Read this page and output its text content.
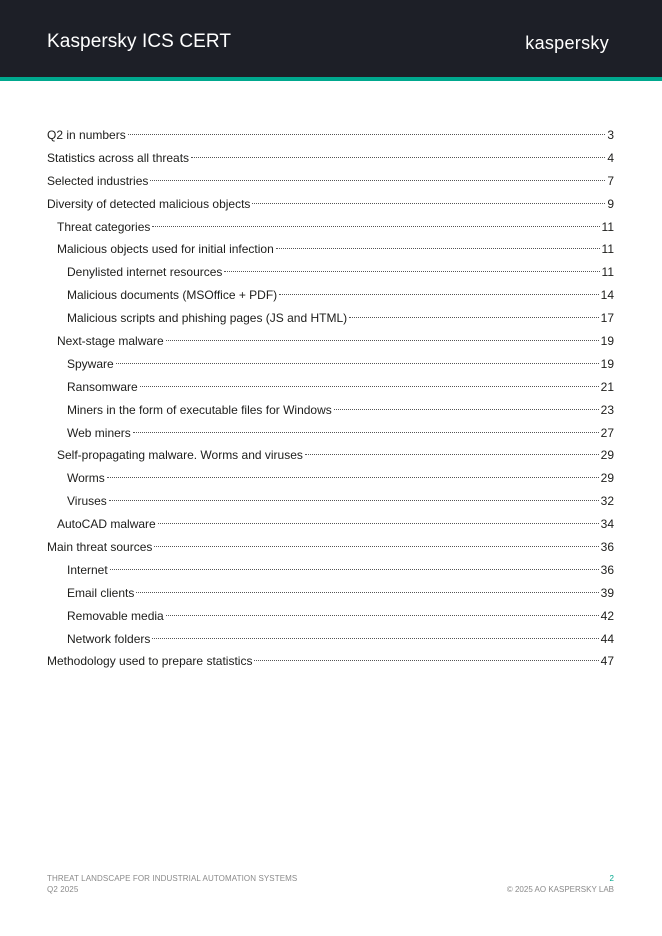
Kaspersky ICS CERT	kaspersky
Q2 in numbers	3
Statistics across all threats	4
Selected industries	7
Diversity of detected malicious objects	9
Threat categories	11
Malicious objects used for initial infection	11
Denylisted internet resources	11
Malicious documents (MSOffice + PDF)	14
Malicious scripts and phishing pages (JS and HTML)	17
Next-stage malware	19
Spyware	19
Ransomware	21
Miners in the form of executable files for Windows	23
Web miners	27
Self-propagating malware. Worms and viruses	29
Worms	29
Viruses	32
AutoCAD malware	34
Main threat sources	36
Internet	36
Email clients	39
Removable media	42
Network folders	44
Methodology used to prepare statistics	47
THREAT LANDSCAPE FOR INDUSTRIAL AUTOMATION SYSTEMS
Q2 2025
2
© 2025 AO KASPERSKY LAB
